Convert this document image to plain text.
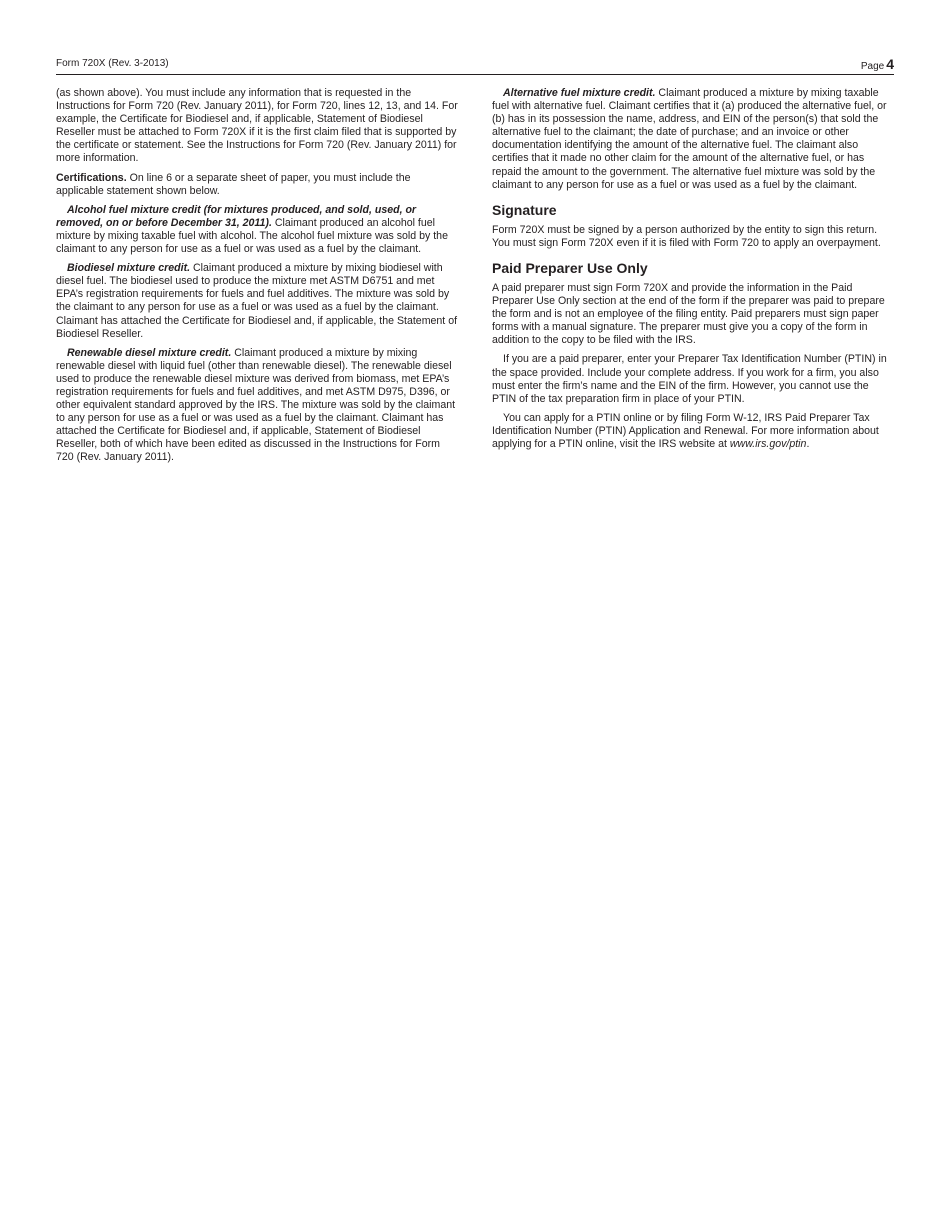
Form 720X (Rev. 3-2013)	Page 4

(as shown above). You must include any information that is requested in the Instructions for Form 720 (Rev. January 2011), for Form 720, lines 12, 13, and 14. For example, the Certificate for Biodiesel and, if applicable, Statement of Biodiesel Reseller must be attached to Form 720X if it is the first claim filed that is supported by the certificate or statement. See the Instructions for Form 720 (Rev. January 2011) for more information.

Certifications. On line 6 or a separate sheet of paper, you must include the applicable statement shown below.

Alcohol fuel mixture credit (for mixtures produced, and sold, used, or removed, on or before December 31, 2011). Claimant produced an alcohol fuel mixture by mixing taxable fuel with alcohol. The alcohol fuel mixture was sold by the claimant to any person for use as a fuel or was used as a fuel by the claimant.

Biodiesel mixture credit. Claimant produced a mixture by mixing biodiesel with diesel fuel. The biodiesel used to produce the mixture met ASTM D6751 and met EPA’s registration requirements for fuels and fuel additives. The mixture was sold by the claimant to any person for use as a fuel or was used as a fuel by the claimant. Claimant has attached the Certificate for Biodiesel and, if applicable, the Statement of Biodiesel Reseller.

Renewable diesel mixture credit. Claimant produced a mixture by mixing renewable diesel with liquid fuel (other than renewable diesel). The renewable diesel used to produce the renewable diesel mixture was derived from biomass, met EPA’s registration requirements for fuels and fuel additives, and met ASTM D975, D396, or other equivalent standard approved by the IRS. The mixture was sold by the claimant to any person for use as a fuel or was used as a fuel by the claimant. Claimant has attached the Certificate for Biodiesel and, if applicable, Statement of Biodiesel Reseller, both of which have been edited as discussed in the Instructions for Form 720 (Rev. January 2011).

Alternative fuel mixture credit. Claimant produced a mixture by mixing taxable fuel with alternative fuel. Claimant certifies that it (a) produced the alternative fuel, or (b) has in its possession the name, address, and EIN of the person(s) that sold the alternative fuel to the claimant; the date of purchase; and an invoice or other documentation identifying the amount of the alternative fuel. The claimant also certifies that it made no other claim for the amount of the alternative fuel, or has repaid the amount to the government. The alternative fuel mixture was sold by the claimant to any person for use as a fuel or was used as a fuel by the claimant.

Signature

Form 720X must be signed by a person authorized by the entity to sign this return. You must sign Form 720X even if it is filed with Form 720 to apply an overpayment.

Paid Preparer Use Only

A paid preparer must sign Form 720X and provide the information in the Paid Preparer Use Only section at the end of the form if the preparer was paid to prepare the form and is not an employee of the filing entity. Paid preparers must sign paper forms with a manual signature. The preparer must give you a copy of the form in addition to the copy to be filed with the IRS.

If you are a paid preparer, enter your Preparer Tax Identification Number (PTIN) in the space provided. Include your complete address. If you work for a firm, you also must enter the firm’s name and the EIN of the firm. However, you cannot use the PTIN of the tax preparation firm in place of your PTIN.

You can apply for a PTIN online or by filing Form W-12, IRS Paid Preparer Tax Identification Number (PTIN) Application and Renewal. For more information about applying for a PTIN online, visit the IRS website at www.irs.gov/ptin.
